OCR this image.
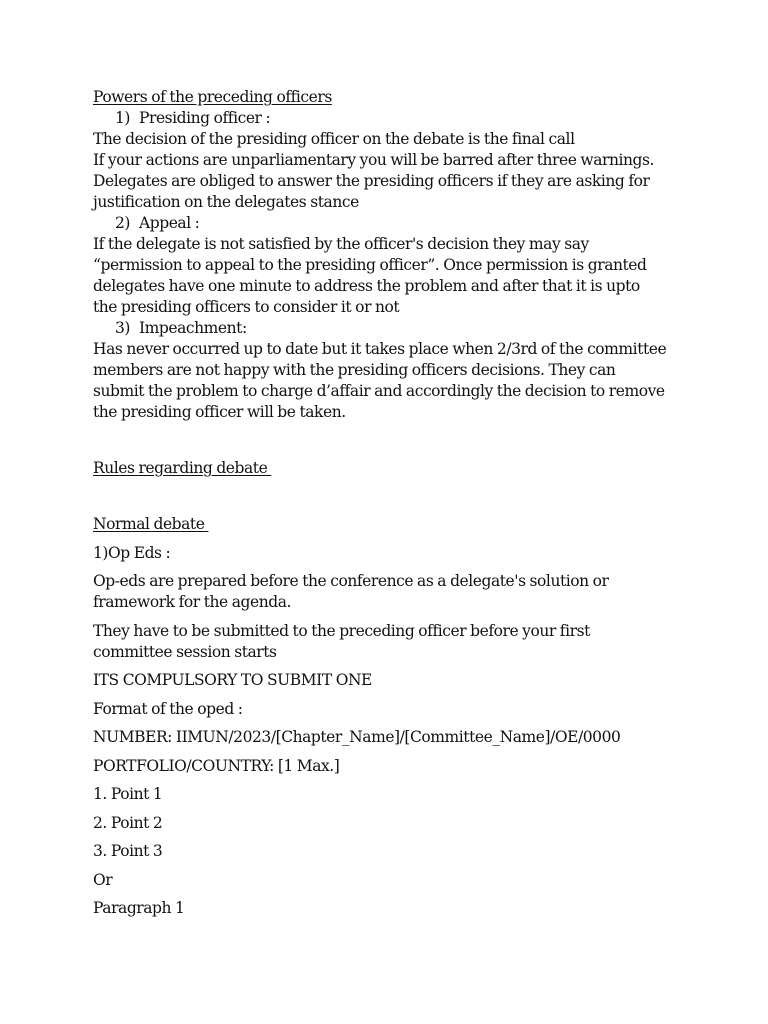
Powers of the preceding officers
1) Presiding officer :
The decision of the presiding officer on the debate is the final call
If your actions are unparliamentary you will be barred after three warnings.
Delegates are obliged to answer the presiding officers if they are asking for
justification on the delegates stance
2) Appeal :
If the delegate is not satisfied by the officer's decision they may say
“permission to appeal to the presiding officer”. Once permission is granted
delegates have one minute to address the problem and after that it is upto
the presiding officers to consider it or not
3) Impeachment:
Has never occurred up to date but it takes place when 2/3rd of the committee
members are not happy with the presiding officers decisions. They can
submit the problem to charge d’affair and accordingly the decision to remove
the presiding officer will be taken.
Rules regarding debate
Normal debate
1)Op Eds :
Op-eds are prepared before the conference as a delegate's solution or
framework for the agenda.
They have to be submitted to the preceding officer before your first
committee session starts
ITS COMPULSORY TO SUBMIT ONE
Format of the oped :
NUMBER: IIMUN/2023/[Chapter_Name]/[Committee_Name]/OE/0000
PORTFOLIO/COUNTRY: [1 Max.]
1. Point 1
2. Point 2
3. Point 3
Or
Paragraph 1
